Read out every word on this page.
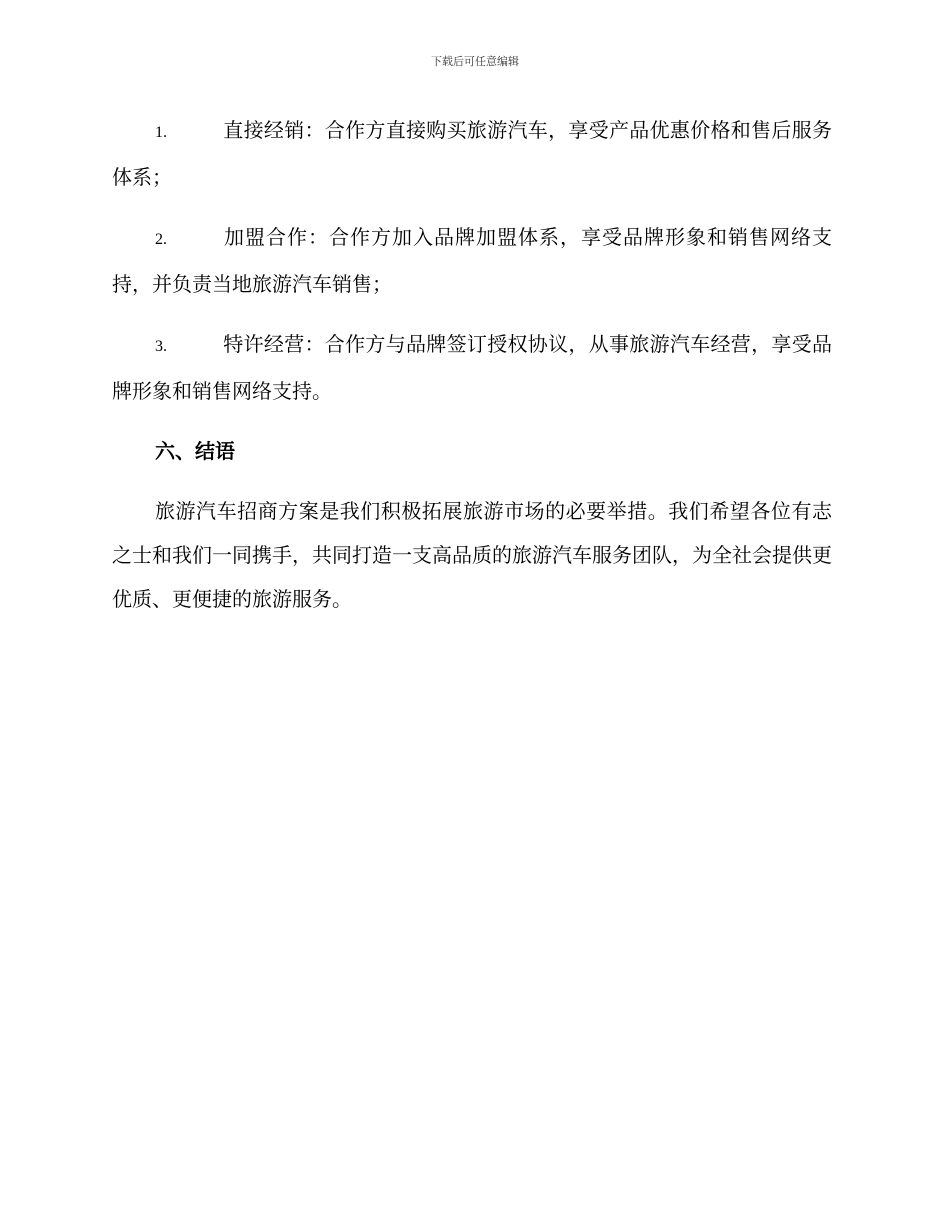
下载后可任意编辑

1.	直接经销：合作方直接购买旅游汽车，享受产品优惠价格和售后服务体系；

2.	加盟合作：合作方加入品牌加盟体系，享受品牌形象和销售网络支持，并负责当地旅游汽车销售；

3.	特许经营：合作方与品牌签订授权协议，从事旅游汽车经营，享受品牌形象和销售网络支持。

六、结语

旅游汽车招商方案是我们积极拓展旅游市场的必要举措。我们希望各位有志之士和我们一同携手，共同打造一支高品质的旅游汽车服务团队，为全社会提供更优质、更便捷的旅游服务。
